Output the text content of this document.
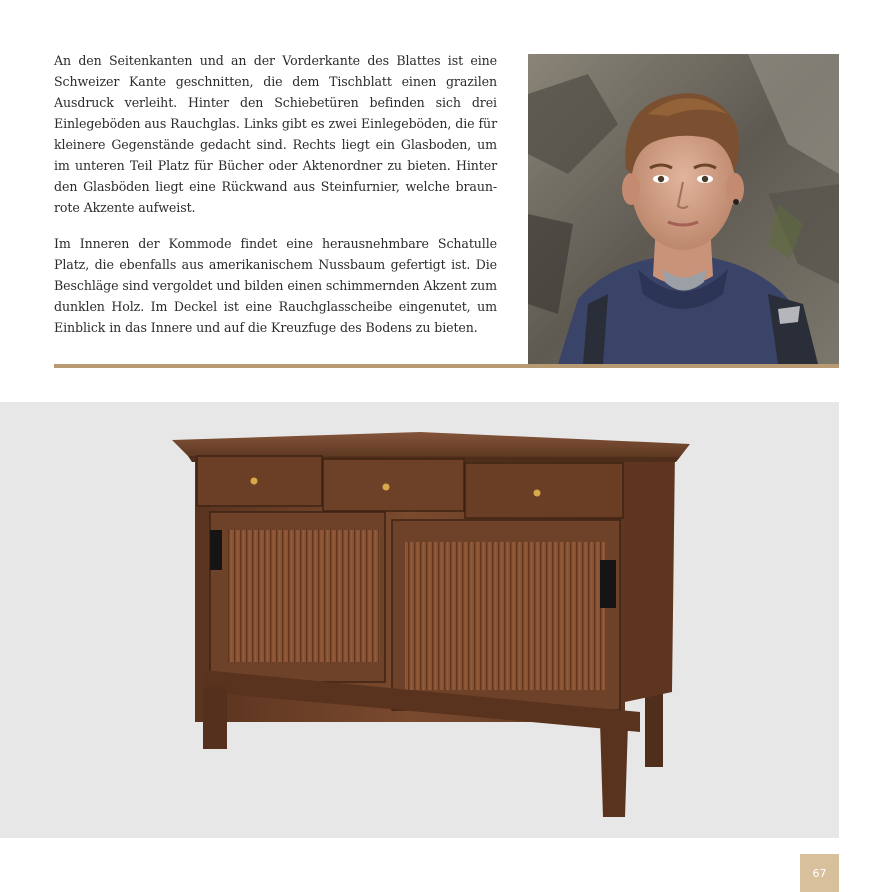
An den Seitenkanten und an der Vorderkante des Blattes ist eine Schweizer Kante geschnitten, die dem Tischblatt einen grazilen Ausdruck verleiht. Hinter den Schiebetüren befinden sich drei Einlegeböden aus Rauchglas. Links gibt es zwei Einlegeböden, die für kleinere Gegenstände gedacht sind. Rechts liegt ein Glasboden, um im unteren Teil Platz für Bücher oder Aktenordner zu bieten. Hinter den Glasböden liegt eine Rückwand aus Steinfurnier, welche braun-rote Akzente aufweist.

Im Inneren der Kommode findet eine herausnehmbare Schatulle Platz, die ebenfalls aus amerikanischem Nussbaum gefertigt ist. Die Beschläge sind vergoldet und bilden einen schimmernden Akzent zum dunklen Holz. Im Deckel ist eine Rauchglasscheibe eingenutet, um Einblick in das Innere und auf die Kreuzfuge des Bodens zu bieten.

67
